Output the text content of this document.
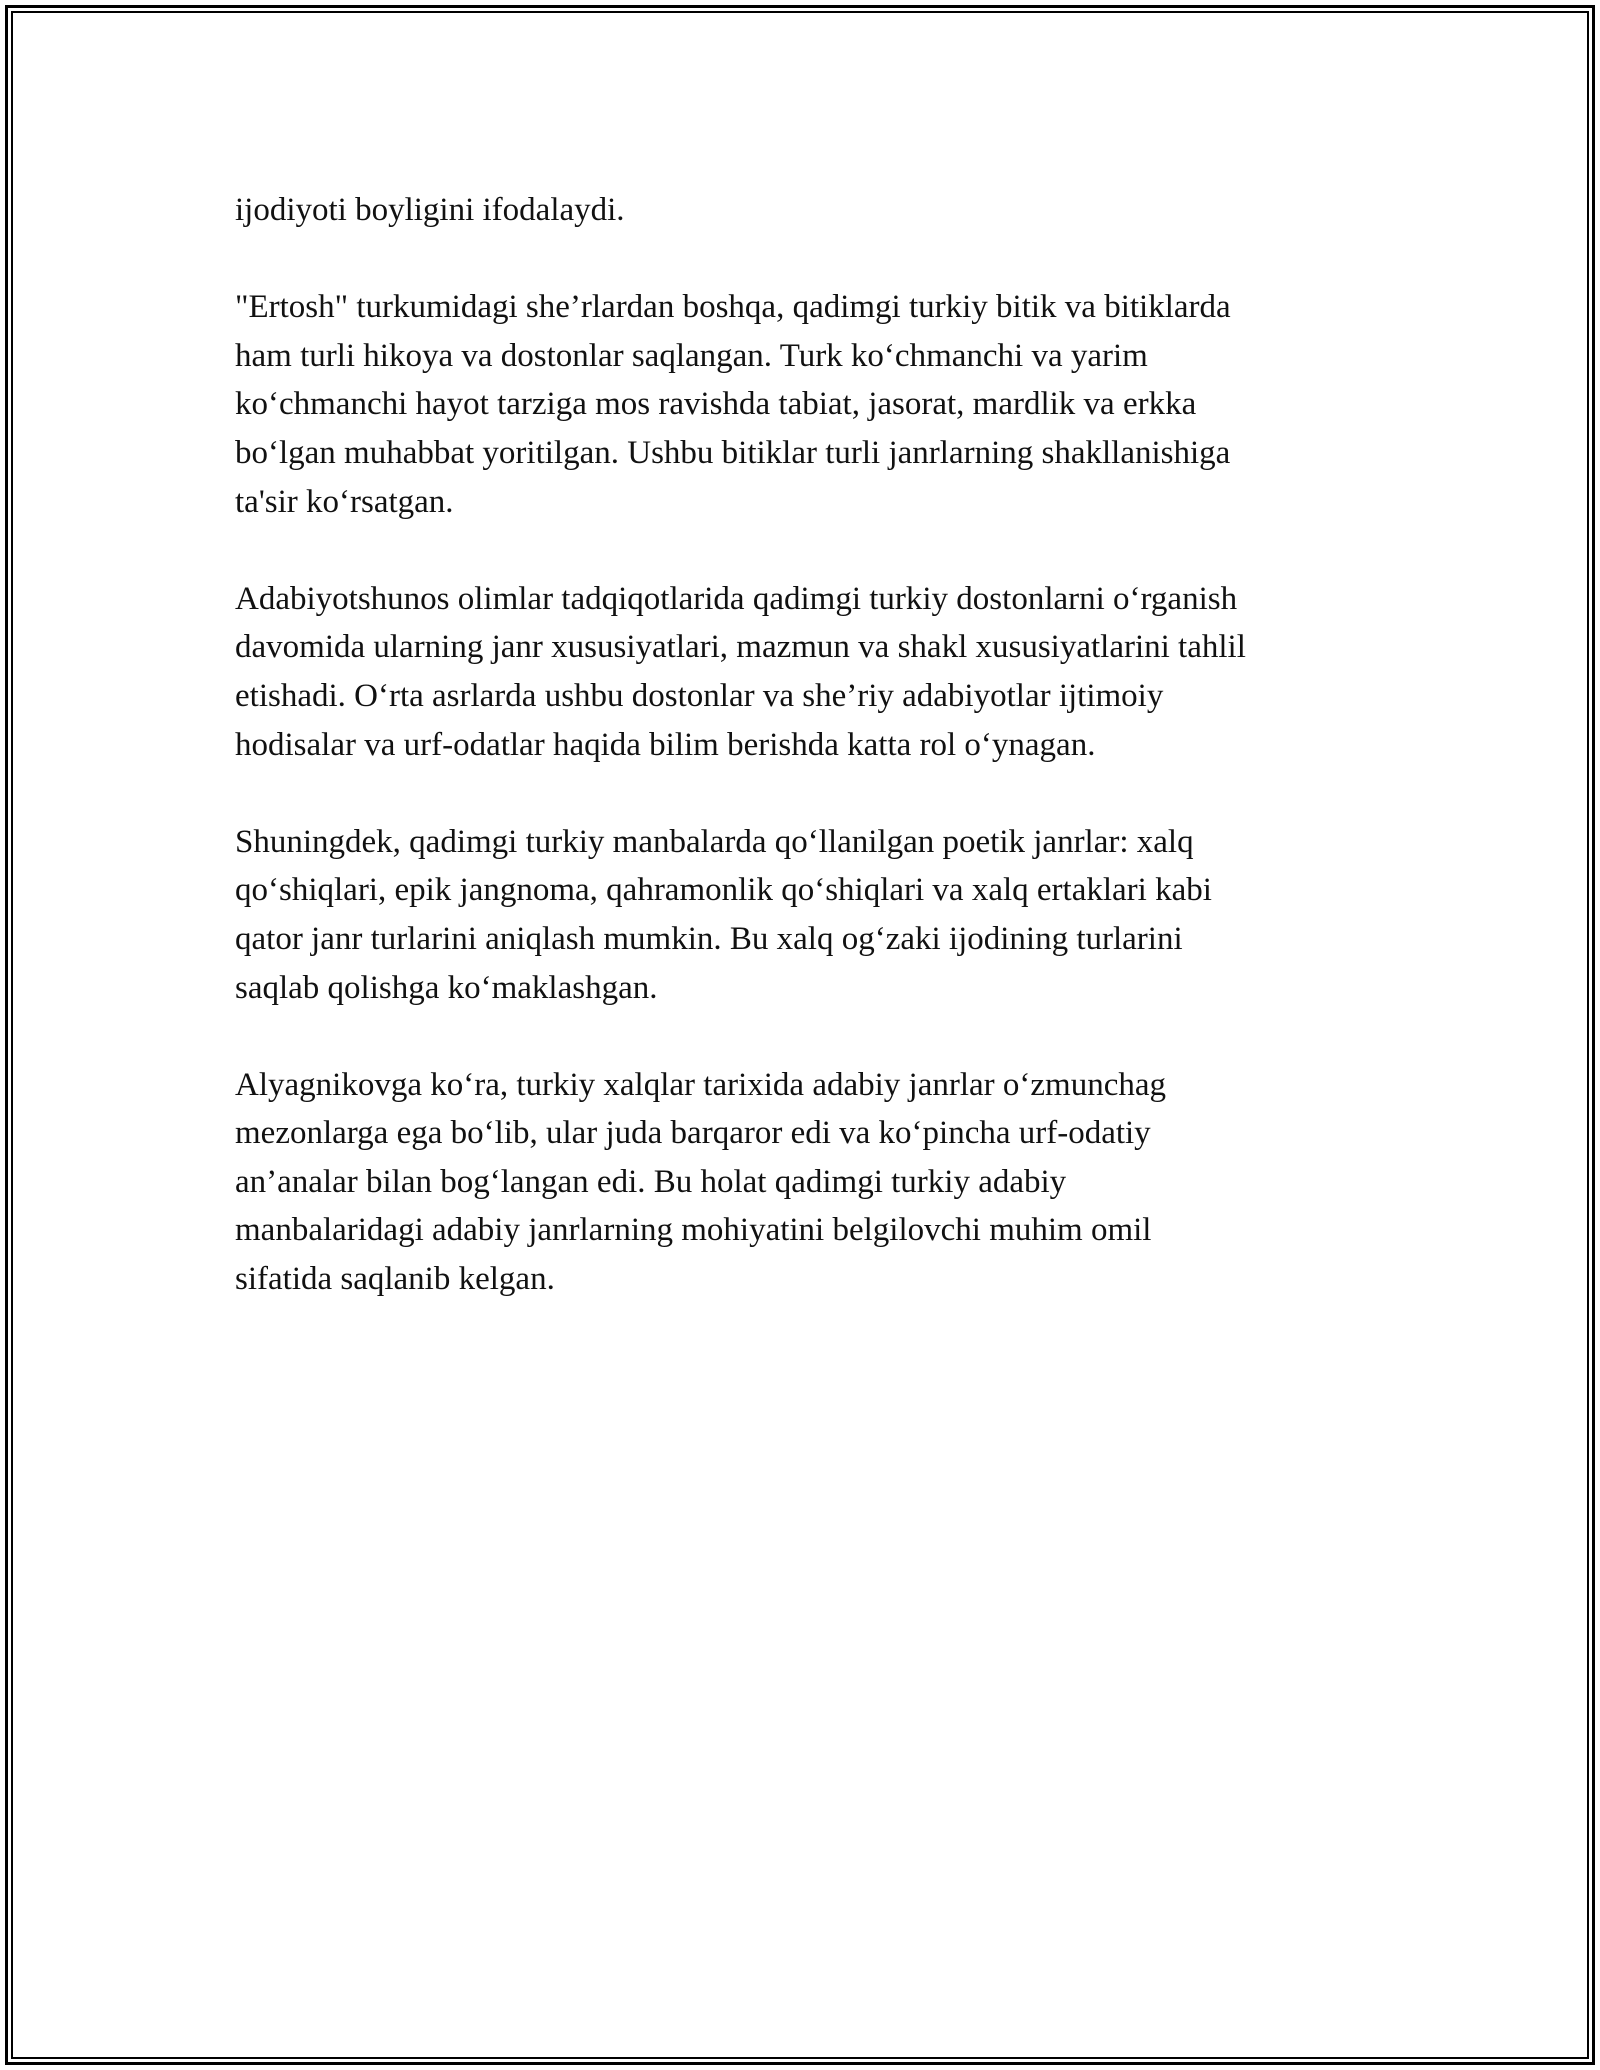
ijodiyoti boyligini ifodalaydi.

"Ertosh" turkumidagi she’rlardan boshqa, qadimgi turkiy bitik va bitiklarda
ham turli hikoya va dostonlar saqlangan. Turk ko‘chmanchi va yarim
ko‘chmanchi hayot tarziga mos ravishda tabiat, jasorat, mardlik va erkka
bo‘lgan muhabbat yoritilgan. Ushbu bitiklar turli janrlarning shakllanishiga
ta'sir ko‘rsatgan.

Adabiyotshunos olimlar tadqiqotlarida qadimgi turkiy dostonlarni o‘rganish
davomida ularning janr xususiyatlari, mazmun va shakl xususiyatlarini tahlil
etishadi. O‘rta asrlarda ushbu dostonlar va she’riy adabiyotlar ijtimoiy
hodisalar va urf-odatlar haqida bilim berishda katta rol o‘ynagan.

Shuningdek, qadimgi turkiy manbalarda qo‘llanilgan poetik janrlar: xalq
qo‘shiqlari, epik jangnoma, qahramonlik qo‘shiqlari va xalq ertaklari kabi
qator janr turlarini aniqlash mumkin. Bu xalq og‘zaki ijodining turlarini
saqlab qolishga ko‘maklashgan.

Alyagnikovga ko‘ra, turkiy xalqlar tarixida adabiy janrlar o‘zmunchag
mezonlarga ega bo‘lib, ular juda barqaror edi va ko‘pincha urf-odatiy
an’analar bilan bog‘langan edi. Bu holat qadimgi turkiy adabiy
manbalaridagi adabiy janrlarning mohiyatini belgilovchi muhim omil
sifatida saqlanib kelgan.
